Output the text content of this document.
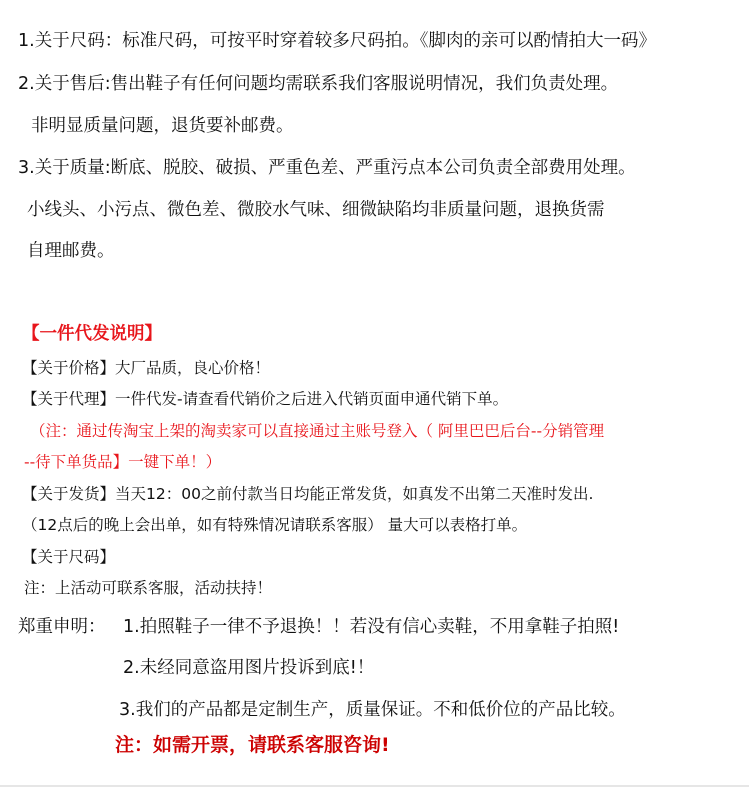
1.关于尺码：标准尺码，可按平时穿着较多尺码拍。《脚肉的亲可以酌情拍大一码》
2.关于售后:售出鞋子有任何问题均需联系我们客服说明情况，我们负责处理。
非明显质量问题，退货要补邮费。
3.关于质量:断底、脱胶、破损、严重色差、严重污点本公司负责全部费用处理。
小线头、小污点、微色差、微胶水气味、细微缺陷均非质量问题，退换货需
自理邮费。
【一件代发说明】
【关于价格】大厂品质，良心价格！
【关于代理】一件代发-请查看代销价之后进入代销页面申通代销下单。
（注：通过传淘宝上架的淘卖家可以直接通过主账号登入（ 阿里巴巴后台--分销管理
--待下单货品】一键下单！）
【关于发货】当天12：00之前付款当日均能正常发货，如真发不出第二天准时发出.
（12点后的晚上会出单，如有特殊情况请联系客服） 量大可以表格打单。
【关于尺码】
注：上活动可联系客服，活动扶持！
郑重申明： 1.拍照鞋子一律不予退换！！若没有信心卖鞋，不用拿鞋子拍照!
2.未经同意盗用图片投诉到底!！
3.我们的产品都是定制生产，质量保证。不和低价位的产品比较。
注：如需开票，请联系客服咨询!
